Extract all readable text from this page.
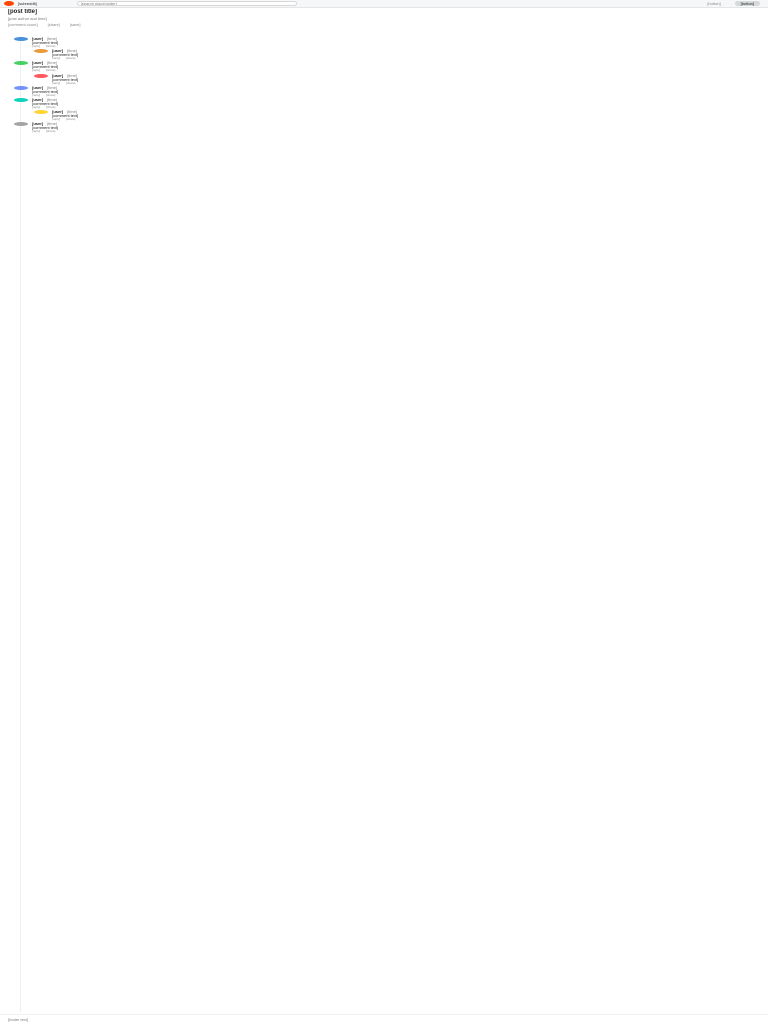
[subreddit]	[search placeholder]	[button]	[button]
[post title]
[post author and time]
[comment count]	[share]	[save]
[user] [time]
[comment text]
[reply] [share]
[user] [time]
[comment text]
[reply] [share]
[user] [time]
[comment text]
[reply] [share]
[user] [time]
[comment text]
[reply] [share]
[user] [time]
[comment text]
[reply] [share]
[user] [time]
[comment text]
[reply] [share]
[user] [time]
[comment text]
[reply] [share]
[user] [time]
[comment text]
[reply] [share]
[footer text]
